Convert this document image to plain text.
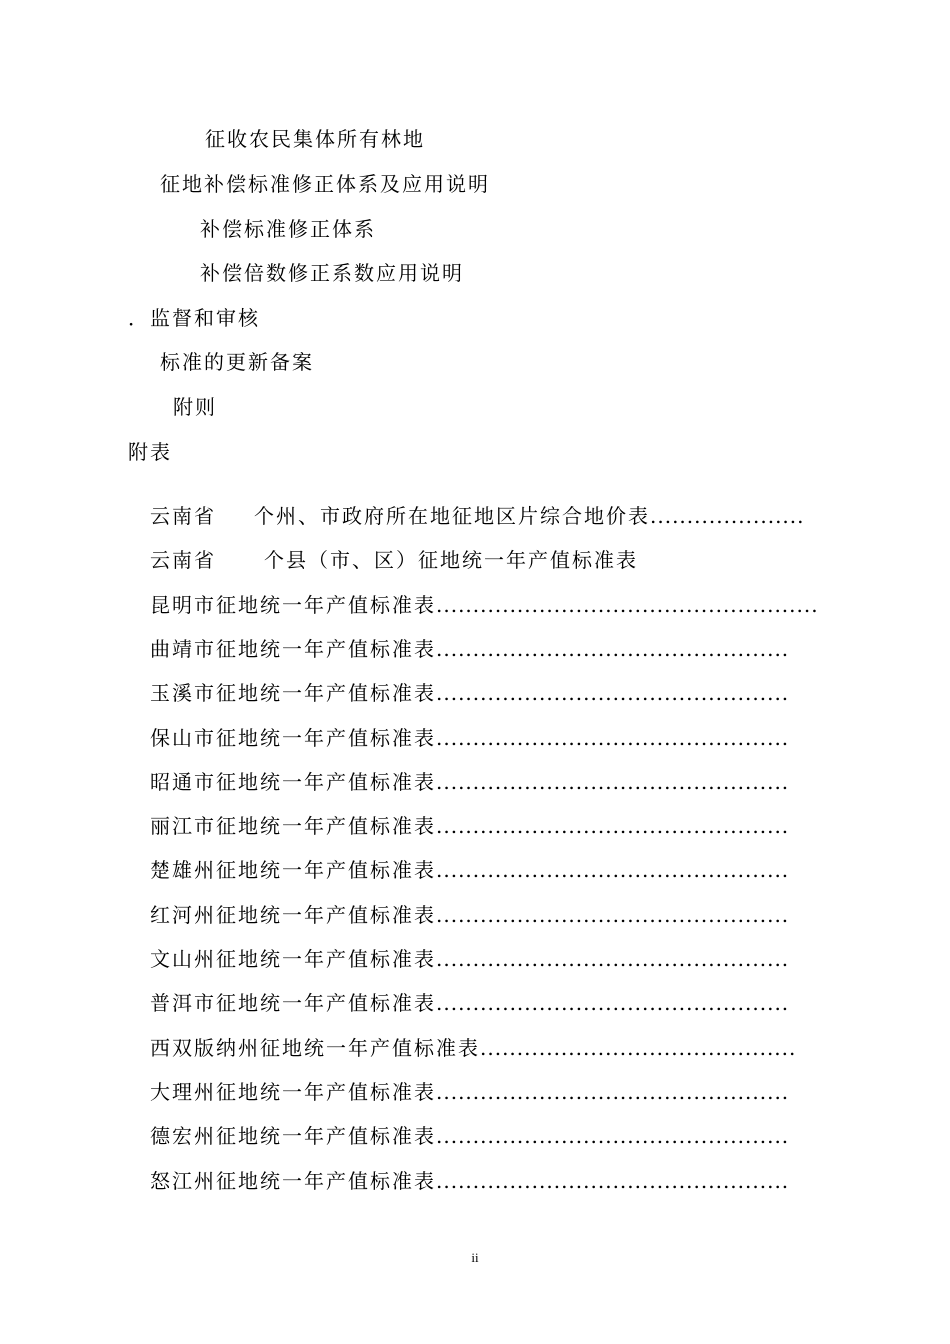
征收农民集体所有林地
征地补偿标准修正体系及应用说明
补偿标准修正体系
补偿倍数修正系数应用说明
．监督和审核
标准的更新备案
附则
附表
云南省 个州、市政府所在地征地区片综合地价表.....................
云南省 个县（市、区）征地统一年产值标准表
昆明市征地统一年产值标准表....................................................
曲靖市征地统一年产值标准表................................................
玉溪市征地统一年产值标准表................................................
保山市征地统一年产值标准表................................................
昭通市征地统一年产值标准表................................................
丽江市征地统一年产值标准表................................................
楚雄州征地统一年产值标准表................................................
红河州征地统一年产值标准表................................................
文山州征地统一年产值标准表................................................
普洱市征地统一年产值标准表................................................
西双版纳州征地统一年产值标准表...........................................
大理州征地统一年产值标准表................................................
德宏州征地统一年产值标准表................................................
怒江州征地统一年产值标准表................................................
ii
